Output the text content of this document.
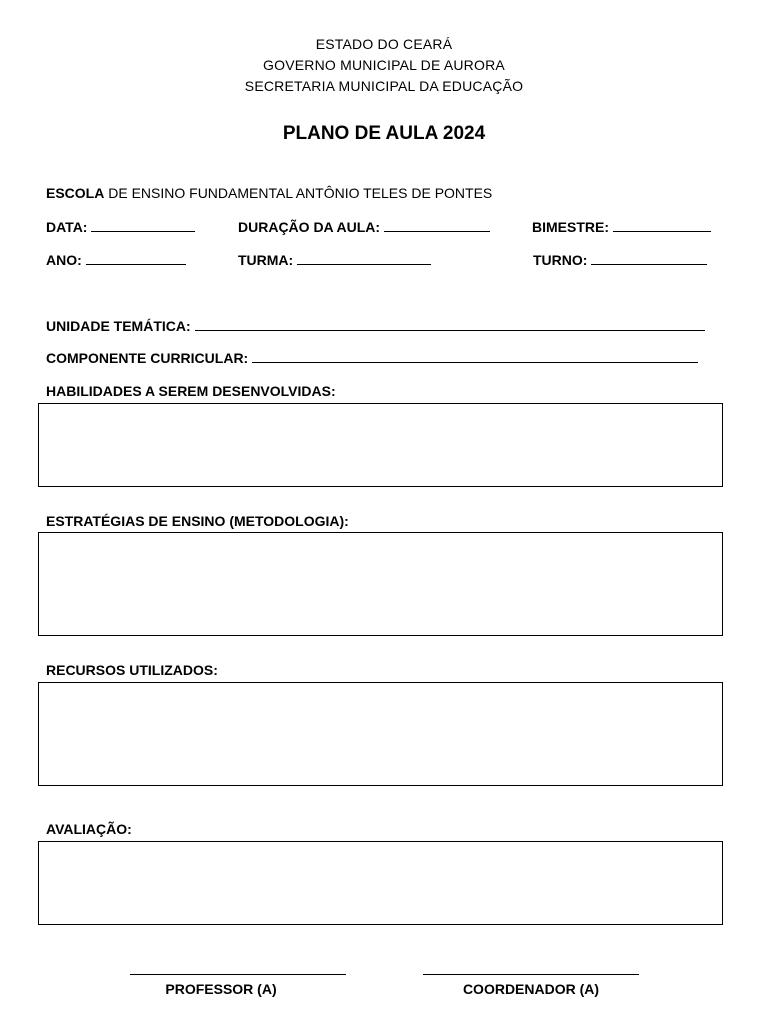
ESTADO DO CEARÁ
GOVERNO MUNICIPAL DE AURORA
SECRETARIA MUNICIPAL DA EDUCAÇÃO
PLANO DE AULA 2024
ESCOLA DE ENSINO FUNDAMENTAL ANTÔNIO TELES DE PONTES
DATA:	DURAÇÃO DA AULA:	BIMESTRE:
ANO:	TURMA:	TURNO:
UNIDADE TEMÁTICA:
COMPONENTE CURRICULAR:
HABILIDADES A SEREM DESENVOLVIDAS:
ESTRATÉGIAS DE ENSINO (METODOLOGIA):
RECURSOS UTILIZADOS:
AVALIAÇÃO:
PROFESSOR (A)	COORDENADOR (A)
